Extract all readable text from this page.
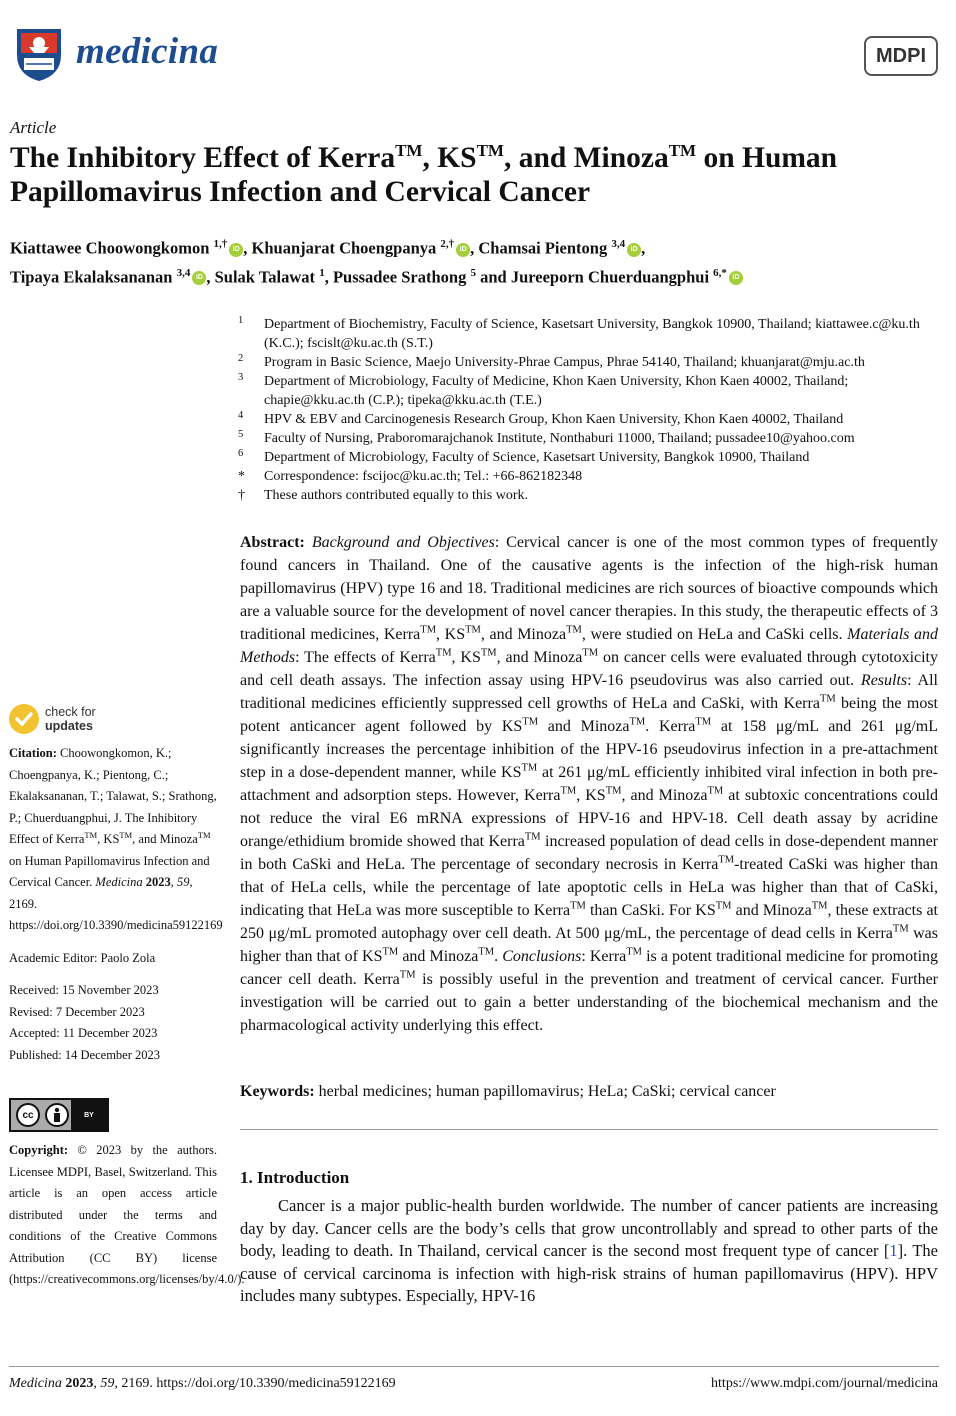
medicina	MDPI
Article
The Inhibitory Effect of Kerra™, KS™, and Minoza™ on Human Papillomavirus Infection and Cervical Cancer
Kiattawee Choowongkomon $^{1,\dagger}$ iD , Khuanjarat Choengpanya $^{2,\dagger}$ iD , Chamsai Pientong $^{3,4}$ iD ,
Tipaya Ekalaksananan $^{3,4}$ iD , Sulak Talawat $^1$, Pussadee Srathong $^5$ and Jureeporn Chuerduangphui $^{6,*}$ iD
1 Department of Biochemistry, Faculty of Science, Kasetsart University, Bangkok 10900, Thailand; kiattawee.c@ku.th (K.C.); fscislt@ku.ac.th (S.T.)
2 Program in Basic Science, Maejo University-Phrae Campus, Phrae 54140, Thailand; khuanjarat@mju.ac.th
3 Department of Microbiology, Faculty of Medicine, Khon Kaen University, Khon Kaen 40002, Thailand; chapie@kku.ac.th (C.P.); tipeka@kku.ac.th (T.E.)
4 HPV & EBV and Carcinogenesis Research Group, Khon Kaen University, Khon Kaen 40002, Thailand
5 Faculty of Nursing, Praboromarajchanok Institute, Nonthaburi 11000, Thailand; pussadee10@yahoo.com
6 Department of Microbiology, Faculty of Science, Kasetsart University, Bangkok 10900, Thailand
* Correspondence: fscijoc@ku.ac.th; Tel.: +66-862182348
† These authors contributed equally to this work.
Abstract: Background and Objectives: Cervical cancer is one of the most common types of frequently found cancers in Thailand. One of the causative agents is the infection of the high-risk human papillomavirus (HPV) type 16 and 18. Traditional medicines are rich sources of bioactive compounds which are a valuable source for the development of novel cancer therapies. In this study, the therapeutic effects of 3 traditional medicines, Kerra™, KS™, and Minoza™, were studied on HeLa and CaSki cells. Materials and Methods: The effects of Kerra™, KS™, and Minoza™ on cancer cells were evaluated through cytotoxicity and cell death assays. The infection assay using HPV-16 pseudovirus was also carried out. Results: All traditional medicines efficiently suppressed cell growths of HeLa and CaSki, with Kerra™ being the most potent anticancer agent followed by KS™ and Minoza™. Kerra™ at 158 μg/mL and 261 μg/mL significantly increases the percentage inhibition of the HPV-16 pseudovirus infection in a pre-attachment step in a dose-dependent manner, while KS™ at 261 μg/mL efficiently inhibited viral infection in both pre-attachment and adsorption steps. However, Kerra™, KS™, and Minoza™ at subtoxic concentrations could not reduce the viral E6 mRNA expressions of HPV-16 and HPV-18. Cell death assay by acridine orange/ethidium bromide showed that Kerra™ increased population of dead cells in dose-dependent manner in both CaSki and HeLa. The percentage of secondary necrosis in Kerra™-treated CaSki was higher than that of HeLa cells, while the percentage of late apoptotic cells in HeLa was higher than that of CaSki, indicating that HeLa was more susceptible to Kerra™ than CaSki. For KS™ and Minoza™, these extracts at 250 μg/mL promoted autophagy over cell death. At 500 μg/mL, the percentage of dead cells in Kerra™ was higher than that of KS™ and Minoza™. Conclusions: Kerra™ is a potent traditional medicine for promoting cancer cell death. Kerra™ is possibly useful in the prevention and treatment of cervical cancer. Further investigation will be carried out to gain a better understanding of the biochemical mechanism and the pharmacological activity underlying this effect.
Keywords: herbal medicines; human papillomavirus; HeLa; CaSki; cervical cancer
1. Introduction
Cancer is a major public-health burden worldwide. The number of cancer patients are increasing day by day. Cancer cells are the body’s cells that grow uncontrollably and spread to other parts of the body, leading to death. In Thailand, cervical cancer is the second most frequent type of cancer [1]. The cause of cervical carcinoma is infection with high-risk strains of human papillomavirus (HPV). HPV includes many subtypes. Especially, HPV-16
check for
updates

Citation: Choowongkomon, K.; Choengpanya, K.; Pientong, C.; Ekalaksananan, T.; Talawat, S.; Srathong, P.; Chuerduangphui, J. The Inhibitory Effect of Kerra™, KS™, and Minoza™ on Human Papillomavirus Infection and Cervical Cancer. Medicina 2023, 59, 2169. https://doi.org/10.3390/medicina59122169

Academic Editor: Paolo Zola

Received: 15 November 2023

Revised: 7 December 2023

Accepted: 11 December 2023

Published: 14 December 2023

cc	BY
Copyright: © 2023 by the authors. Licensee MDPI, Basel, Switzerland. This article is an open access article distributed under the terms and conditions of the Creative Commons Attribution (CC BY) license (https://creativecommons.org/licenses/by/4.0/).
Medicina 2023, 59, 2169. https://doi.org/10.3390/medicina59122169	https://www.mdpi.com/journal/medicina
